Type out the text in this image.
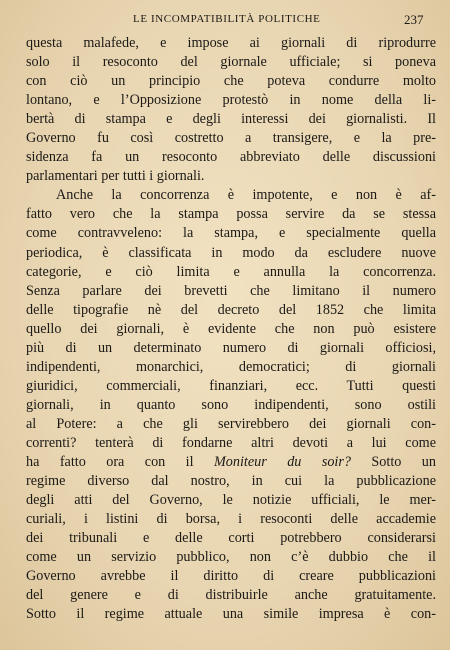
LE INCOMPATIBILITÀ POLITICHE	237
questa malafede, e impose ai giornali di riprodurre
solo il resoconto del giornale ufficiale; si poneva
con ciò un principio che poteva condurre molto
lontano, e l’Opposizione protestò in nome della li-
bertà di stampa e degli interessi dei giornalisti. Il
Governo fu così costretto a transigere, e la pre-
sidenza fa un resoconto abbreviato delle discussioni
parlamentari per tutti i giornali.
Anche la concorrenza è impotente, e non è af-
fatto vero che la stampa possa servire da se stessa
come contravveleno: la stampa, e specialmente quella
periodica, è classificata in modo da escludere nuove
categorie, e ciò limita e annulla la concorrenza.
Senza parlare dei brevetti che limitano il numero
delle tipografie nè del decreto del 1852 che limita
quello dei giornali, è evidente che non può esistere
più di un determinato numero di giornali officiosi,
indipendenti, monarchici, democratici; di giornali
giuridici, commerciali, finanziari, ecc. Tutti questi
giornali, in quanto sono indipendenti, sono ostili
al Potere: a che gli servirebbero dei giornali con-
correnti? tenterà di fondarne altri devoti a lui come
ha fatto ora con il Moniteur du soir? Sotto un
regime diverso dal nostro, in cui la pubblicazione
degli atti del Governo, le notizie ufficiali, le mer-
curiali, i listini di borsa, i resoconti delle accademie
dei tribunali e delle corti potrebbero considerarsi
come un servizio pubblico, non c’è dubbio che il
Governo avrebbe il diritto di creare pubblicazioni
del genere e di distribuirle anche gratuitamente.
Sotto il regime attuale una simile impresa è con-
